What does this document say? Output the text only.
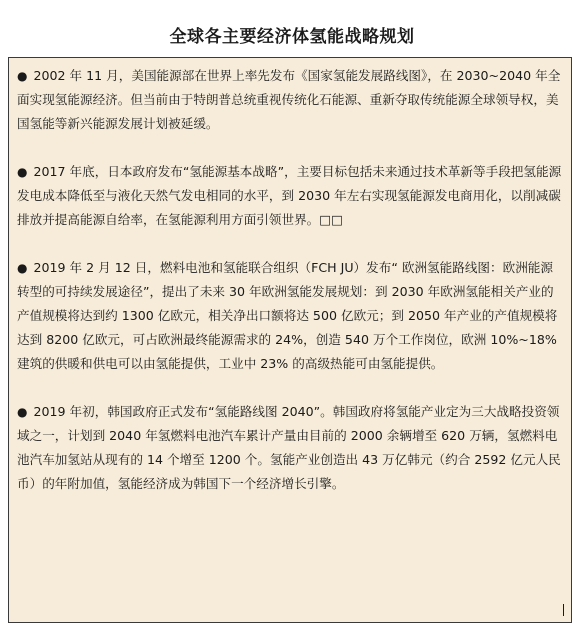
全球各主要经济体氢能战略规划

● 2002 年 11 月，美国能源部在世界上率先发布《国家氢能发展路线图》，在 2030~2040 年全面实现氢能源经济。但当前由于特朗普总统重视传统化石能源、重新夺取传统能源全球领导权，美国氢能等新兴能源发展计划被延缓。

● 2017 年底，日本政府发布“氢能源基本战略”，主要目标包括未来通过技术革新等手段把氢能源发电成本降低至与液化天然气发电相同的水平，到 2030 年左右实现氢能源发电商用化，以削减碳排放并提高能源自给率，在氢能源利用方面引领世界。□□

● 2019 年 2 月 12 日，燃料电池和氢能联合组织（FCH JU）发布“ 欧洲氢能路线图：欧洲能源转型的可持续发展途径”，提出了未来 30 年欧洲氢能发展规划：到 2030 年欧洲氢能相关产业的产值规模将达到约 1300 亿欧元，相关净出口额将达 500 亿欧元；到 2050 年产业的产值规模将达到 8200 亿欧元，可占欧洲最终能源需求的 24%，创造 540 万个工作岗位，欧洲 10%~18% 建筑的供暖和供电可以由氢能提供，工业中 23% 的高级热能可由氢能提供。

● 2019 年初，韩国政府正式发布“氢能路线图 2040”。韩国政府将氢能产业定为三大战略投资领域之一，计划到 2040 年氢燃料电池汽车累计产量由目前的 2000 余辆增至 620 万辆，氢燃料电池汽车加氢站从现有的 14 个增至 1200 个。氢能产业创造出 43 万亿韩元（约合 2592 亿元人民币）的年附加值，氢能经济成为韩国下一个经济增长引擎。
